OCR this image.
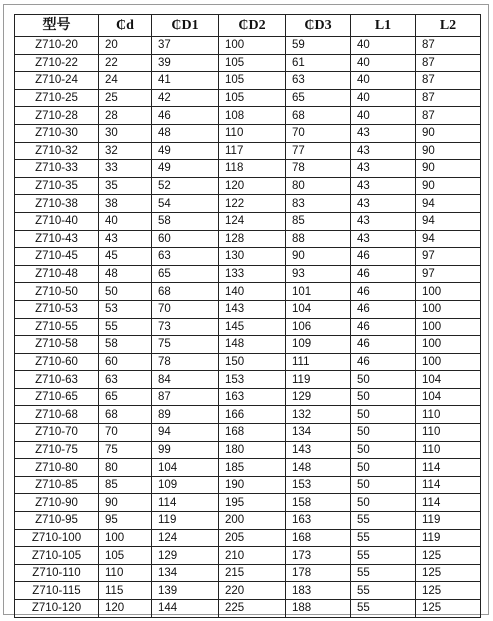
型号	₵d	₵D1	₵D2	₵D3	L1	L2
Z710-20	20	37	100	59	40	87
Z710-22	22	39	105	61	40	87
Z710-24	24	41	105	63	40	87
Z710-25	25	42	105	65	40	87
Z710-28	28	46	108	68	40	87
Z710-30	30	48	110	70	43	90
Z710-32	32	49	117	77	43	90
Z710-33	33	49	118	78	43	90
Z710-35	35	52	120	80	43	90
Z710-38	38	54	122	83	43	94
Z710-40	40	58	124	85	43	94
Z710-43	43	60	128	88	43	94
Z710-45	45	63	130	90	46	97
Z710-48	48	65	133	93	46	97
Z710-50	50	68	140	101	46	100
Z710-53	53	70	143	104	46	100
Z710-55	55	73	145	106	46	100
Z710-58	58	75	148	109	46	100
Z710-60	60	78	150	111	46	100
Z710-63	63	84	153	119	50	104
Z710-65	65	87	163	129	50	104
Z710-68	68	89	166	132	50	110
Z710-70	70	94	168	134	50	110
Z710-75	75	99	180	143	50	110
Z710-80	80	104	185	148	50	114
Z710-85	85	109	190	153	50	114
Z710-90	90	114	195	158	50	114
Z710-95	95	119	200	163	55	119
Z710-100	100	124	205	168	55	119
Z710-105	105	129	210	173	55	125
Z710-110	110	134	215	178	55	125
Z710-115	115	139	220	183	55	125
Z710-120	120	144	225	188	55	125
